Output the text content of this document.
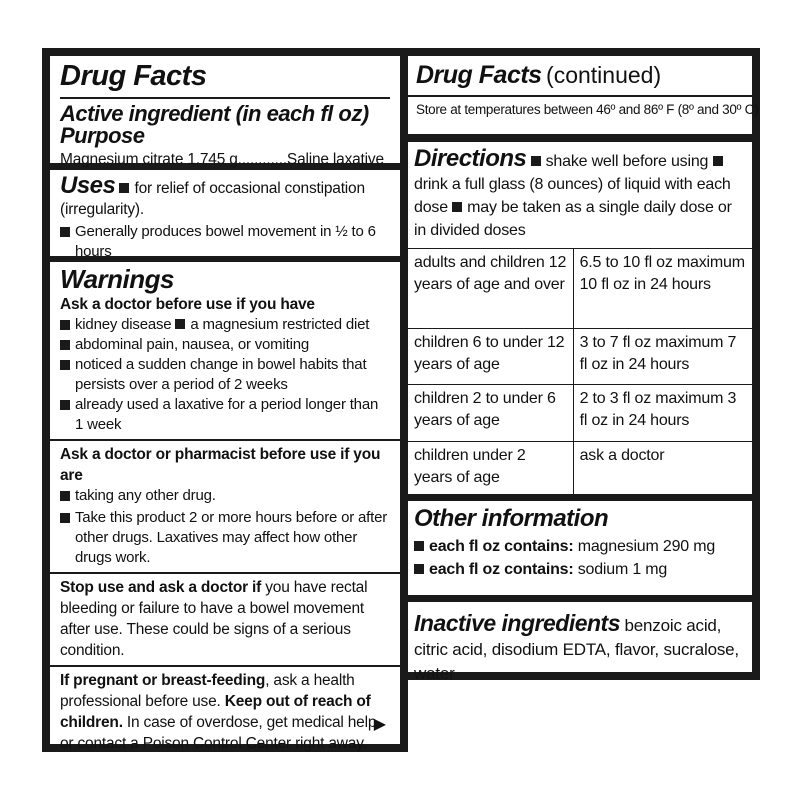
Drug Facts
Active ingredient (in each fl oz) Purpose
Magnesium citrate 1.745 g............Saline laxative
Uses for relief of occasional constipation (irregularity).
Generally produces bowel movement in ½ to 6 hours
Warnings
Ask a doctor before use if you have
kidney disease a magnesium restricted diet
abdominal pain, nausea, or vomiting
noticed a sudden change in bowel habits that persists over a period of 2 weeks
already used a laxative for a period longer than 1 week
Ask a doctor or pharmacist before use if you are
taking any other drug.
Take this product 2 or more hours before or after other drugs. Laxatives may affect how other drugs work.
Stop use and ask a doctor if you have rectal bleeding or failure to have a bowel movement after use. These could be signs of a serious condition.
If pregnant or breast-feeding, ask a health professional before use. Keep out of reach of children. In case of overdose, get medical help or contact a Poison Control Center right away.
▶
Drug Facts (continued)
Store at temperatures between 46º and 86º F (8º and 30º C)
Directions shake well before using drink a full glass (8 ounces) of liquid with each dose may be taken as a single daily dose or in divided doses
adults and children 12 years of age and over	6.5 to 10 fl oz maximum 10 fl oz in 24 hours
children 6 to under 12 years of age	3 to 7 fl oz maximum 7 fl oz in 24 hours
children 2 to under 6 years of age	2 to 3 fl oz maximum 3 fl oz in 24 hours
children under 2 years of age	ask a doctor
Other information
each fl oz contains: magnesium 290 mg
each fl oz contains: sodium 1 mg
Inactive ingredients benzoic acid, citric acid, disodium EDTA, flavor, sucralose, water
